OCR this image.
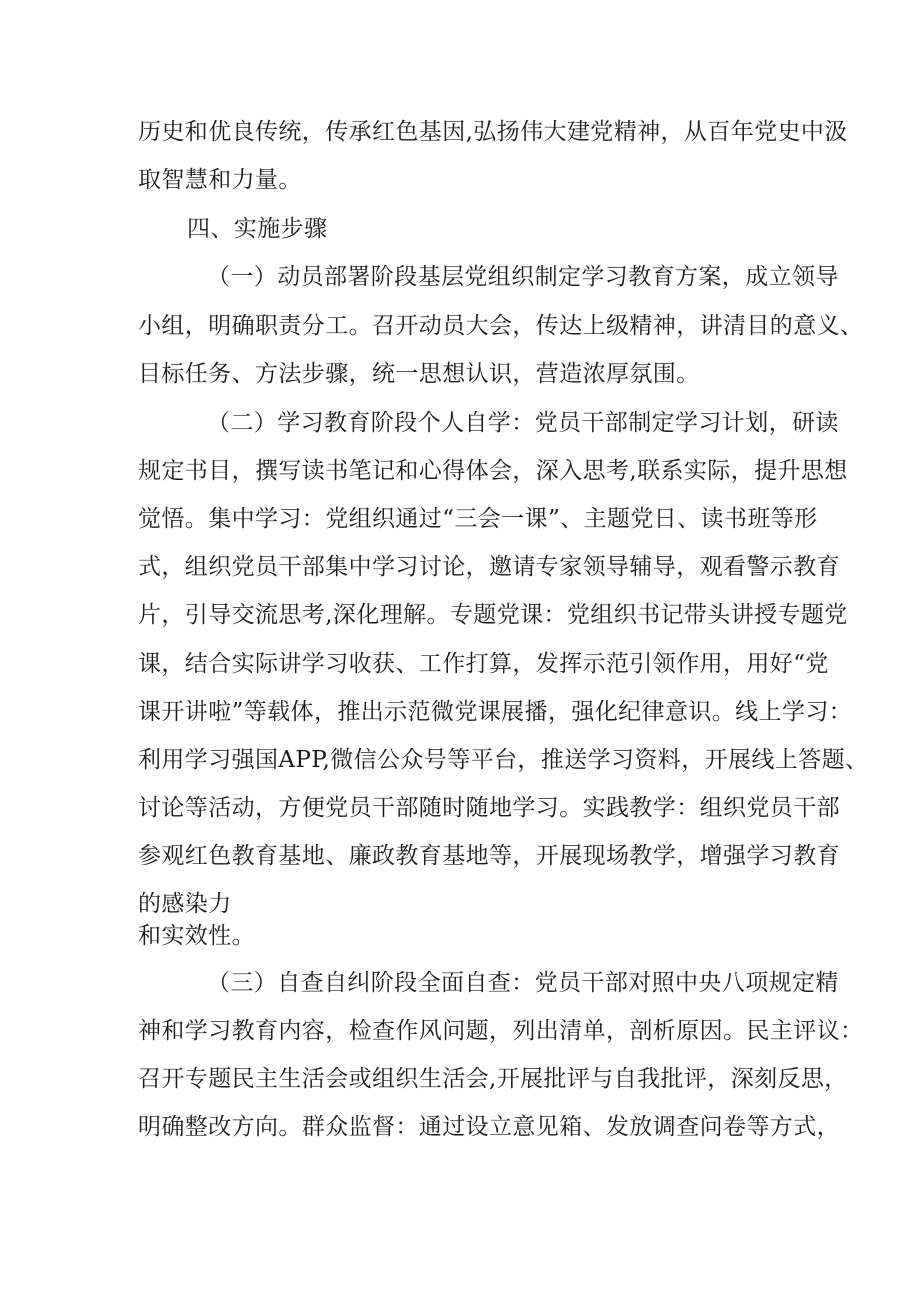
历史和优良传统，传承红色基因,弘扬伟大建党精神，从百年党史中汲
取智慧和力量。
四、实施步骤
（一）动员部署阶段基层党组织制定学习教育方案，成立领导
小组，明确职责分工。召开动员大会，传达上级精神，讲清目的意义、
目标任务、方法步骤，统一思想认识，营造浓厚氛围。
（二）学习教育阶段个人自学：党员干部制定学习计划，研读
规定书目，撰写读书笔记和心得体会，深入思考,联系实际，提升思想
觉悟。集中学习：党组织通过“三会一课”、主题党日、读书班等形
式，组织党员干部集中学习讨论，邀请专家领导辅导，观看警示教育
片，引导交流思考,深化理解。专题党课：党组织书记带头讲授专题党
课，结合实际讲学习收获、工作打算，发挥示范引领作用，用好“党
课开讲啦”等载体，推出示范微党课展播，强化纪律意识。线上学习：
利用学习强国APP,微信公众号等平台，推送学习资料，开展线上答题、
讨论等活动，方便党员干部随时随地学习。实践教学：组织党员干部
参观红色教育基地、廉政教育基地等，开展现场教学，增强学习教育
的感染力
和实效性。
（三）自查自纠阶段全面自查：党员干部对照中央八项规定精
神和学习教育内容，检查作风问题，列出清单，剖析原因。民主评议：
召开专题民主生活会或组织生活会,开展批评与自我批评，深刻反思，
明确整改方向。群众监督：通过设立意见箱、发放调查问卷等方式，
